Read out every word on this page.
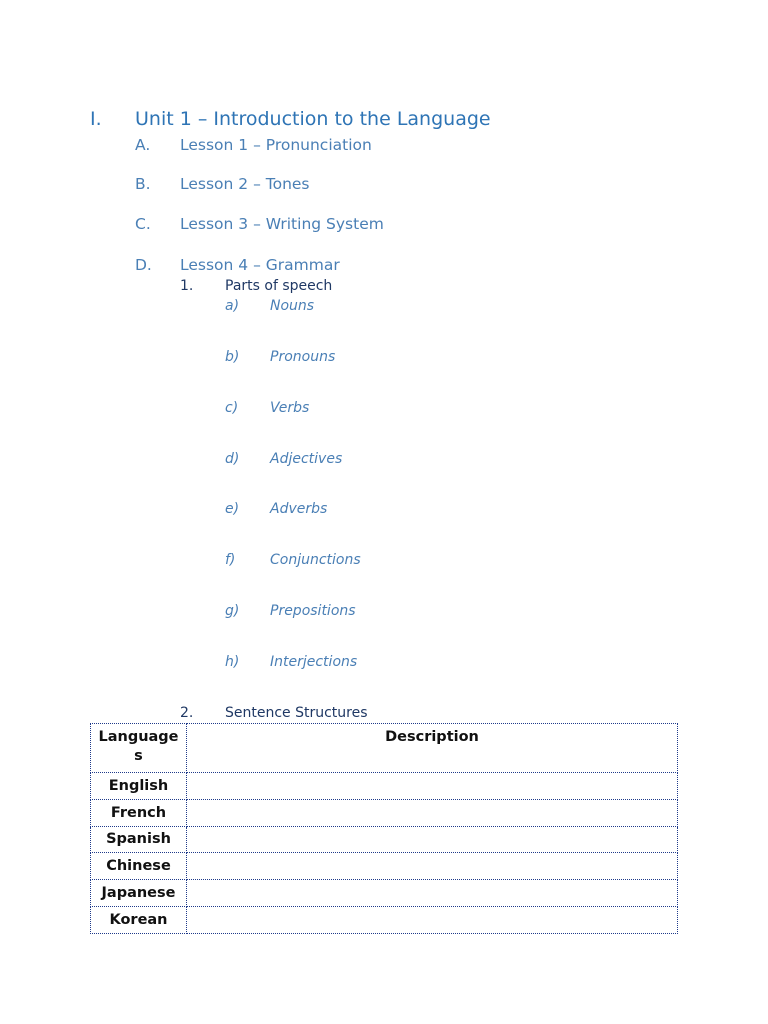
I. Unit 1 – Introduction to the Language
A. Lesson 1 – Pronunciation
B. Lesson 2 – Tones
C. Lesson 3 – Writing System
D. Lesson 4 – Grammar
1. Parts of speech
a) Nouns
b) Pronouns
c) Verbs
d) Adjectives
e) Adverbs
f) Conjunctions
g) Prepositions
h) Interjections
2. Sentence Structures
Language
s	Description
English	
French	
Spanish	
Chinese	
Japanese	
Korean	
